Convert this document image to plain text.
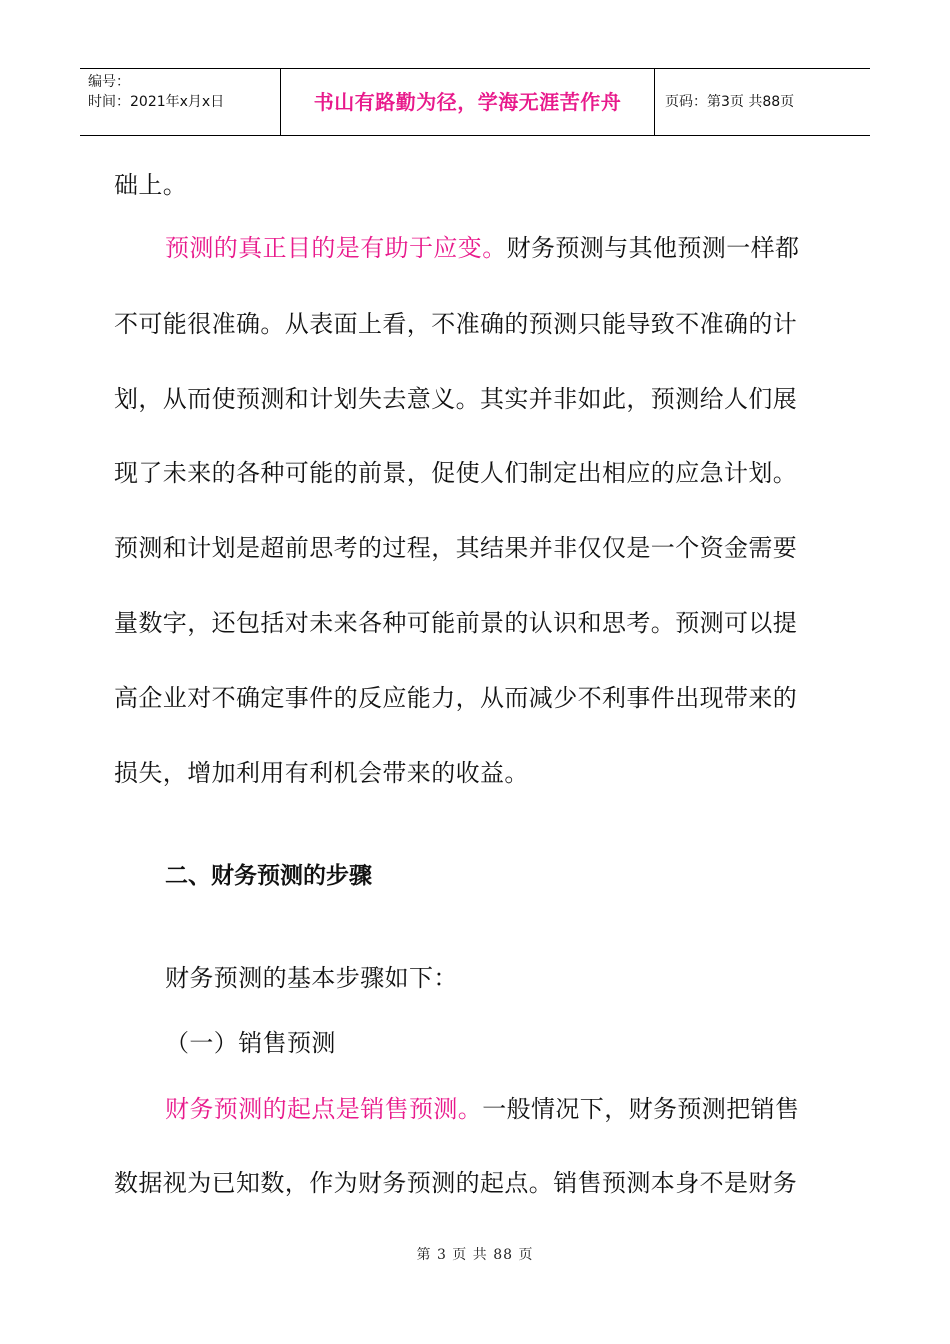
编号：
时间：2021年x月x日	书山有路勤为径，学海无涯苦作舟	页码：第3页 共88页
础上。
预测的真正目的是有助于应变。财务预测与其他预测一样都
不可能很准确。从表面上看，不准确的预测只能导致不准确的计
划，从而使预测和计划失去意义。其实并非如此，预测给人们展
现了未来的各种可能的前景，促使人们制定出相应的应急计划。
预测和计划是超前思考的过程，其结果并非仅仅是一个资金需要
量数字，还包括对未来各种可能前景的认识和思考。预测可以提
高企业对不确定事件的反应能力，从而减少不利事件出现带来的
损失，增加利用有利机会带来的收益。
二、财务预测的步骤
财务预测的基本步骤如下：
（一）销售预测
财务预测的起点是销售预测。一般情况下，财务预测把销售
数据视为已知数，作为财务预测的起点。销售预测本身不是财务
第 3 页 共 88 页
